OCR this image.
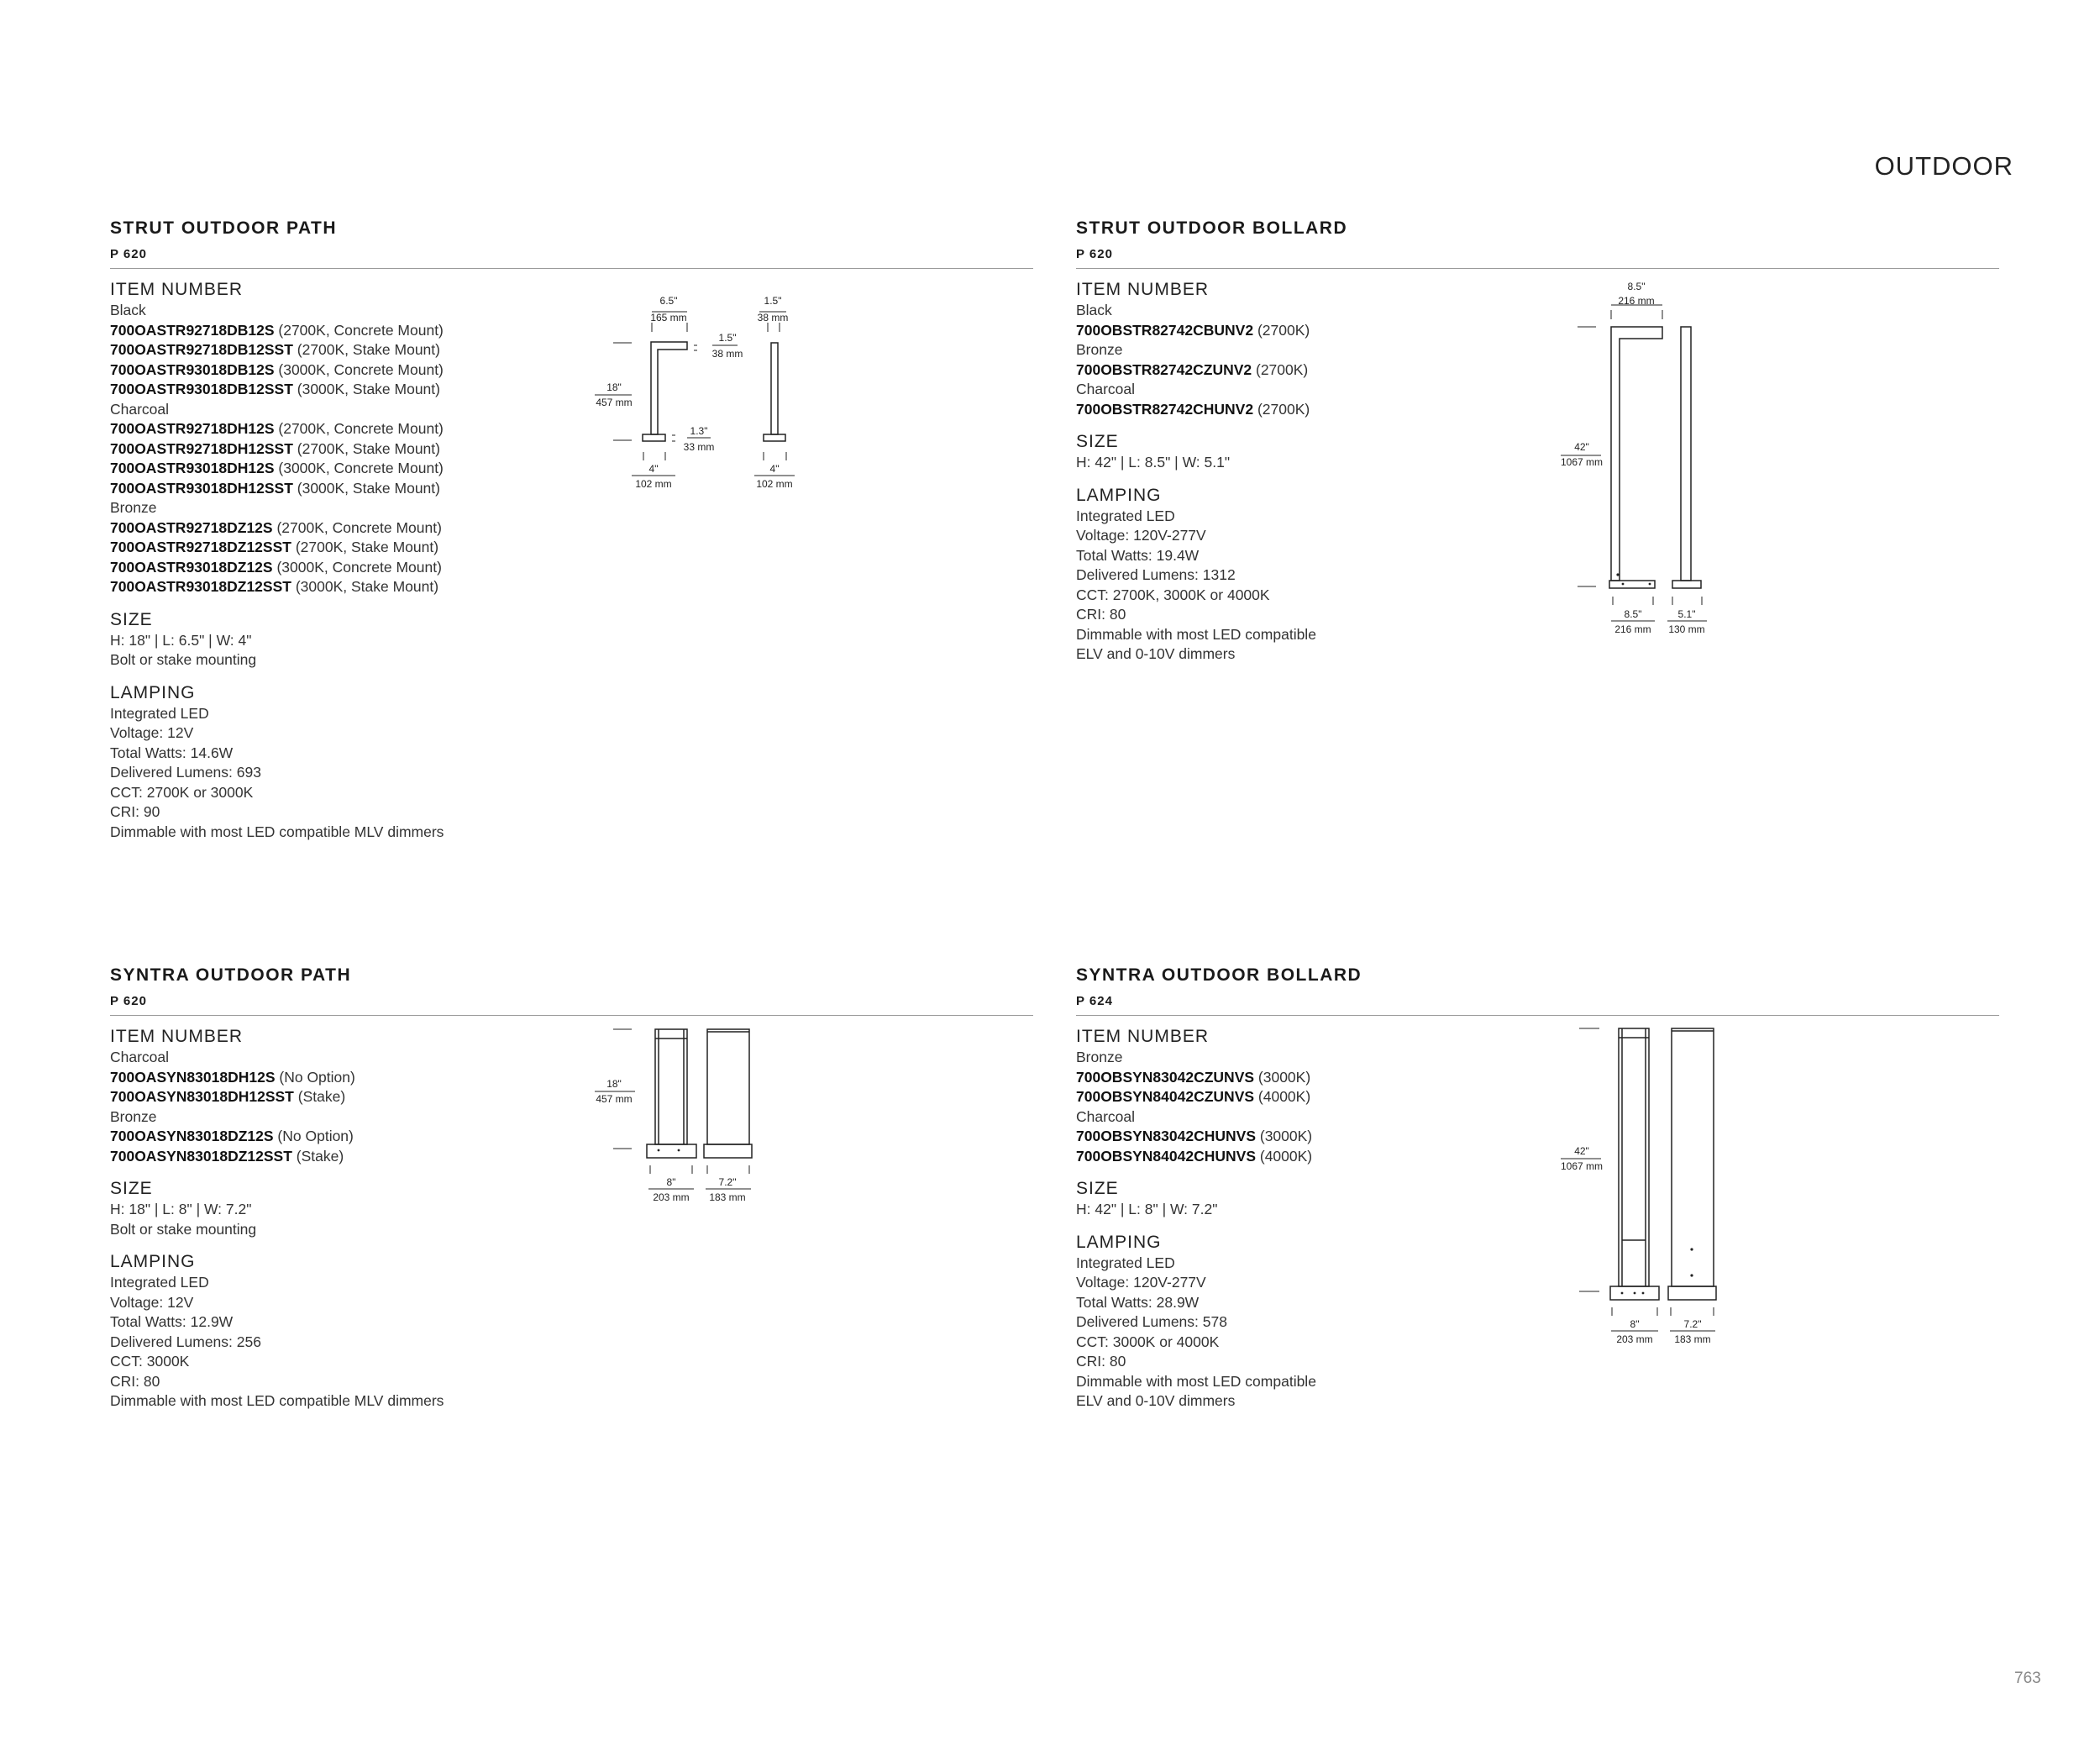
OUTDOOR
763
STRUT OUTDOOR PATH
P 620
ITEM NUMBER
Black
700OASTR92718DB12S (2700K, Concrete Mount)
700OASTR92718DB12SST (2700K, Stake Mount)
700OASTR93018DB12S (3000K, Concrete Mount)
700OASTR93018DB12SST (3000K, Stake Mount)
Charcoal
700OASTR92718DH12S (2700K, Concrete Mount)
700OASTR92718DH12SST (2700K, Stake Mount)
700OASTR93018DH12S (3000K, Concrete Mount)
700OASTR93018DH12SST (3000K, Stake Mount)
Bronze
700OASTR92718DZ12S (2700K, Concrete Mount)
700OASTR92718DZ12SST (2700K, Stake Mount)
700OASTR93018DZ12S (3000K, Concrete Mount)
700OASTR93018DZ12SST (3000K, Stake Mount)
SIZE
H: 18" | L: 6.5" | W: 4"
Bolt or stake mounting
LAMPING
Integrated LED
Voltage: 12V
Total Watts: 14.6W
Delivered Lumens: 693
CCT: 2700K or 3000K
CRI: 90
Dimmable with most LED compatible MLV dimmers
STRUT OUTDOOR BOLLARD
P 620
ITEM NUMBER
Black
700OBSTR82742CBUNV2 (2700K)
Bronze
700OBSTR82742CZUNV2 (2700K)
Charcoal
700OBSTR82742CHUNV2 (2700K)
SIZE
H: 42" | L: 8.5" | W: 5.1"
LAMPING
Integrated LED
Voltage: 120V-277V
Total Watts: 19.4W
Delivered Lumens: 1312
CCT: 2700K, 3000K or 4000K
CRI: 80
Dimmable with most LED compatible
ELV and 0-10V dimmers
SYNTRA OUTDOOR PATH
P 620
ITEM NUMBER
Charcoal
700OASYN83018DH12S (No Option)
700OASYN83018DH12SST (Stake)
Bronze
700OASYN83018DZ12S (No Option)
700OASYN83018DZ12SST (Stake)
SIZE
H: 18" | L: 8" | W: 7.2"
Bolt or stake mounting
LAMPING
Integrated LED
Voltage: 12V
Total Watts: 12.9W
Delivered Lumens: 256
CCT: 3000K
CRI: 80
Dimmable with most LED compatible MLV dimmers
SYNTRA OUTDOOR BOLLARD
P 624
ITEM NUMBER
Bronze
700OBSYN83042CZUNVS (3000K)
700OBSYN84042CZUNVS (4000K)
Charcoal
700OBSYN83042CHUNVS (3000K)
700OBSYN84042CHUNVS (4000K)
SIZE
H: 42" | L: 8" | W: 7.2"
LAMPING
Integrated LED
Voltage: 120V-277V
Total Watts: 28.9W
Delivered Lumens: 578
CCT: 3000K or 4000K
CRI: 80
Dimmable with most LED compatible
ELV and 0-10V dimmers
6.5"
165 mm
1.5"
38 mm
1.5"
38 mm
18"
457 mm
1.3"
33 mm
4"
102 mm
4"
102 mm
8.5"
216 mm
42"
1067 mm
8.5"
216 mm
5.1"
130 mm
18"
457 mm
8"
203 mm
7.2"
183 mm
42"
1067 mm
8"
203 mm
7.2"
183 mm
